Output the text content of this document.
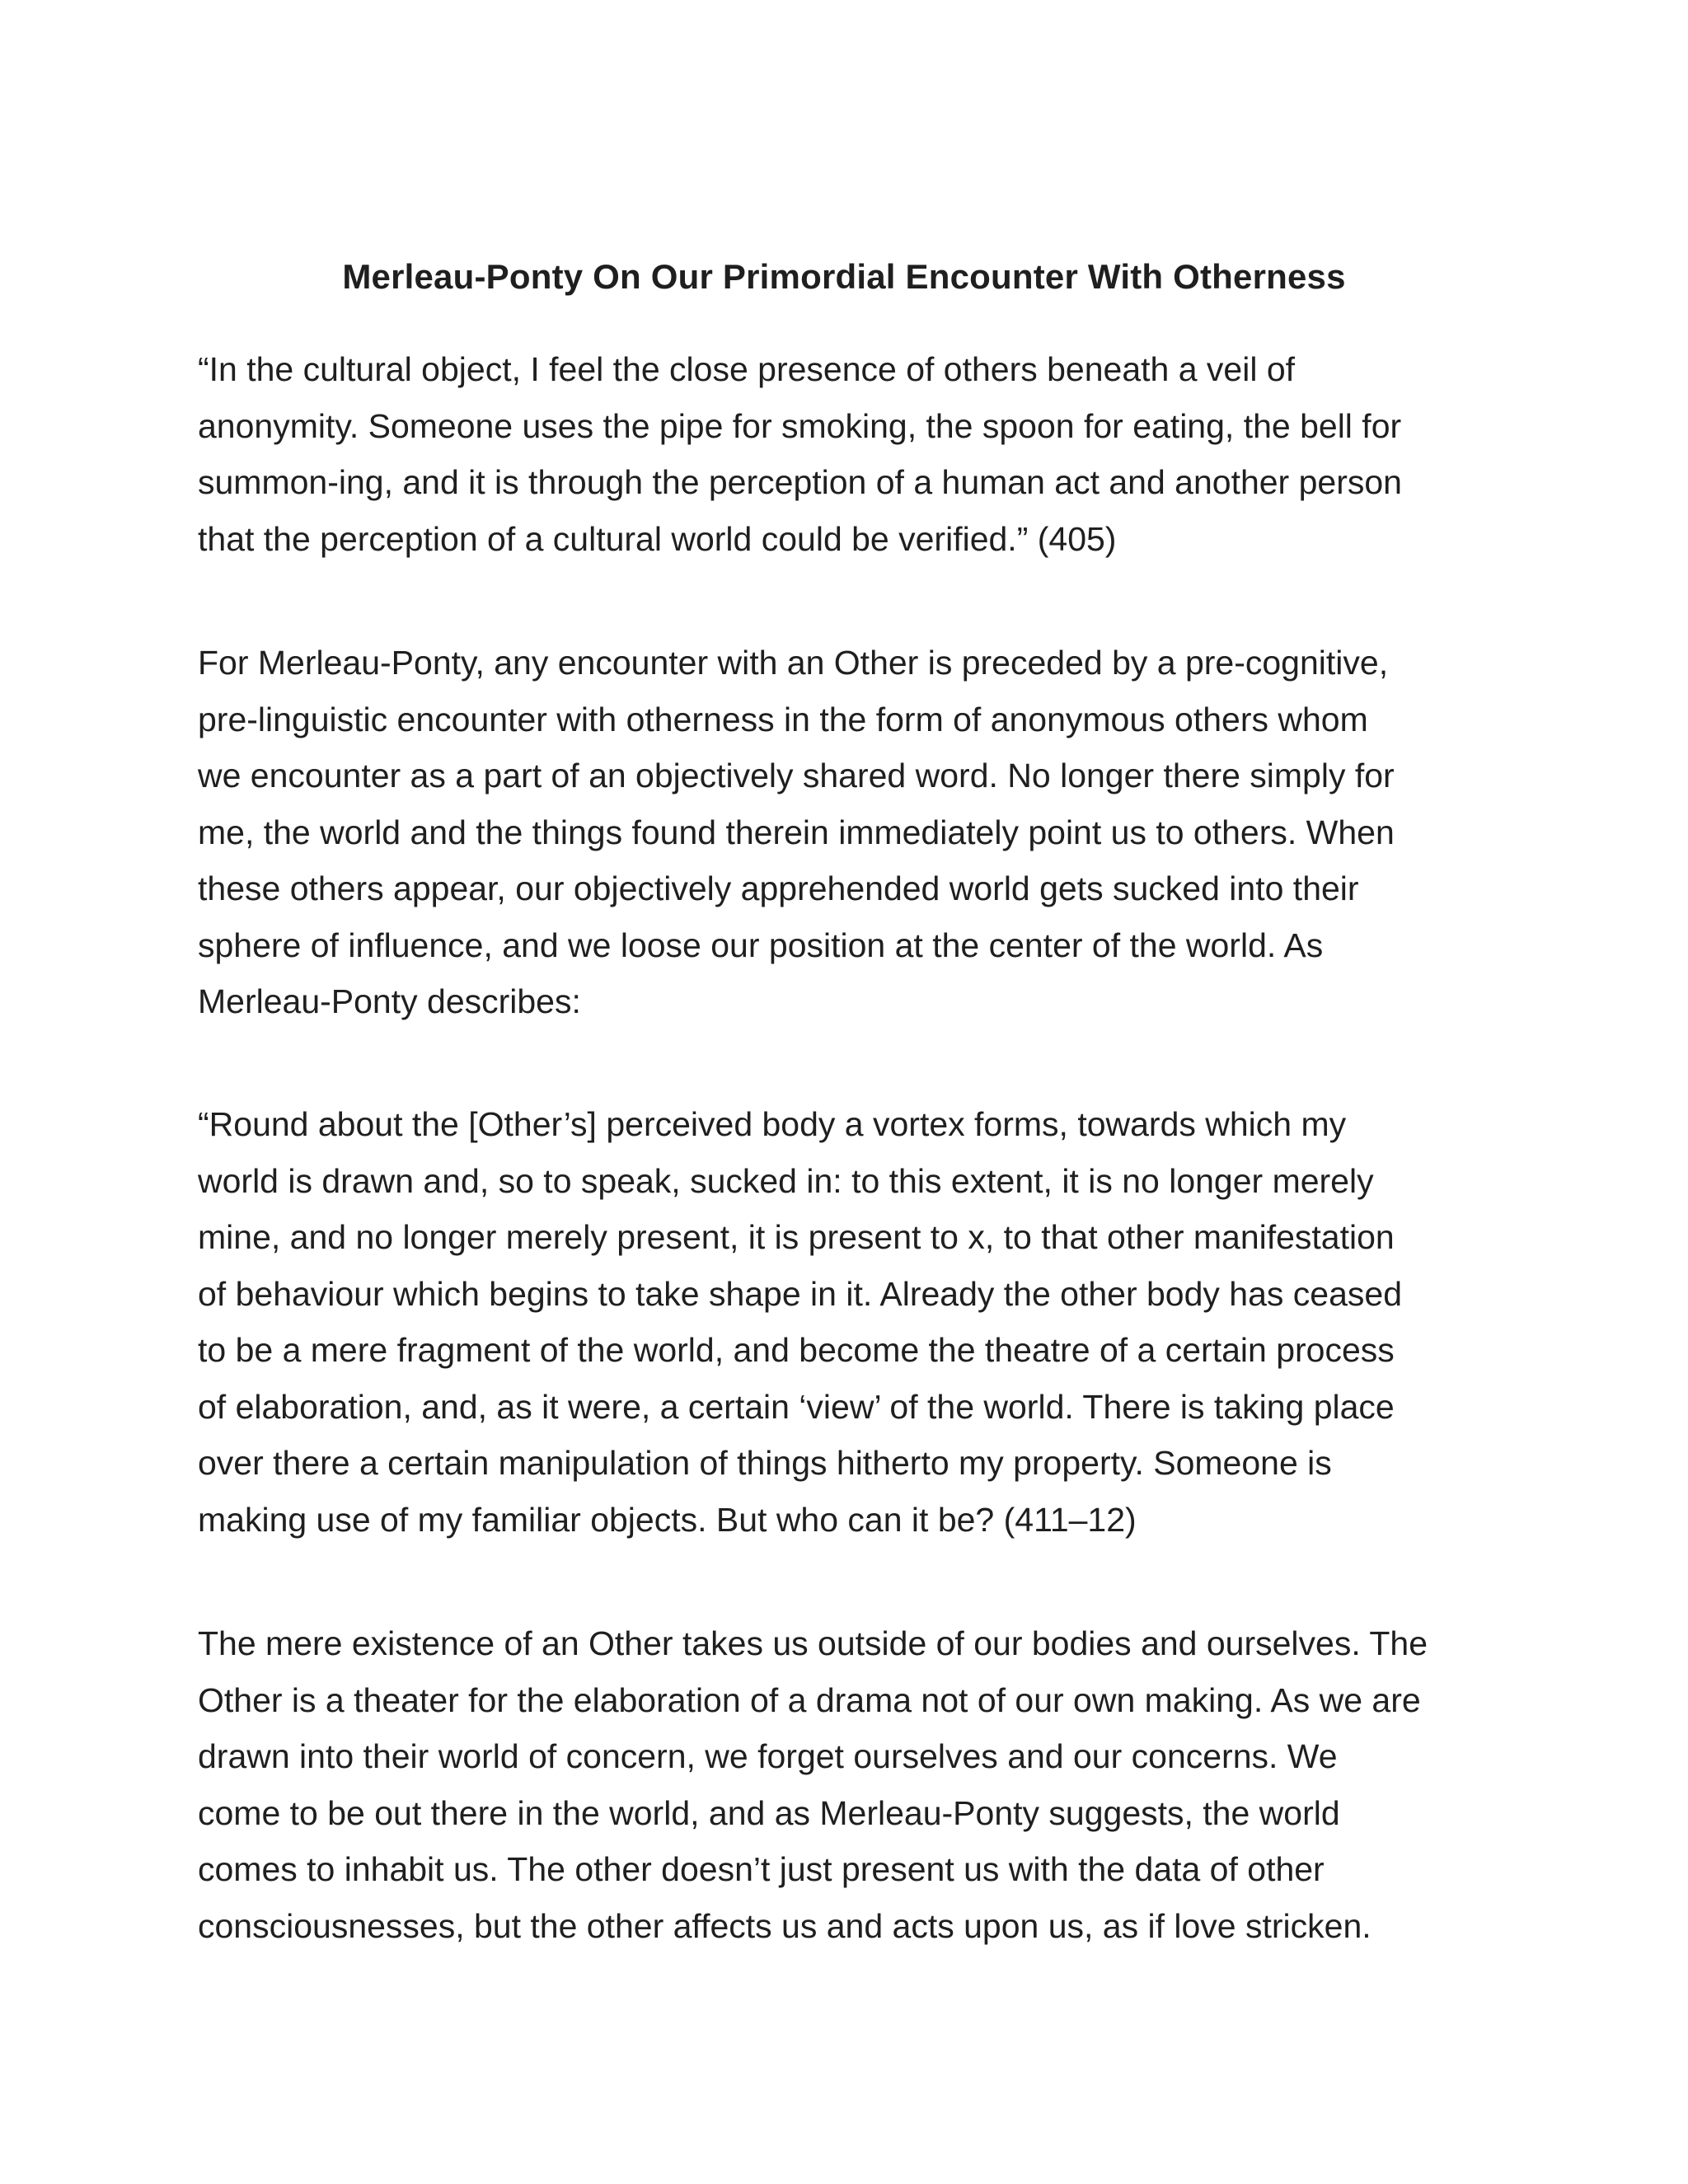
Merleau-Ponty On Our Primordial Encounter With Otherness

“In the cultural object, I feel the close presence of others beneath a veil of
anonymity. Someone uses the pipe for smoking, the spoon for eating, the bell for
summon-ing, and it is through the perception of a human act and another person
that the perception of a cultural world could be verified.” (405)

For Merleau-Ponty, any encounter with an Other is preceded by a pre-cognitive,
pre-linguistic encounter with otherness in the form of anonymous others whom
we encounter as a part of an objectively shared word. No longer there simply for
me, the world and the things found therein immediately point us to others. When
these others appear, our objectively apprehended world gets sucked into their
sphere of influence, and we loose our position at the center of the world. As
Merleau-Ponty describes:

“Round about the [Other’s] perceived body a vortex forms, towards which my
world is drawn and, so to speak, sucked in: to this extent, it is no longer merely
mine, and no longer merely present, it is present to x, to that other manifestation
of behaviour which begins to take shape in it. Already the other body has ceased
to be a mere fragment of the world, and become the theatre of a certain process
of elaboration, and, as it were, a certain ‘view’ of the world. There is taking place
over there a certain manipulation of things hitherto my property. Someone is
making use of my familiar objects. But who can it be? (411–12)

The mere existence of an Other takes us outside of our bodies and ourselves. The
Other is a theater for the elaboration of a drama not of our own making. As we are
drawn into their world of concern, we forget ourselves and our concerns. We
come to be out there in the world, and as Merleau-Ponty suggests, the world
comes to inhabit us. The other doesn’t just present us with the data of other
consciousnesses, but the other affects us and acts upon us, as if love stricken.
